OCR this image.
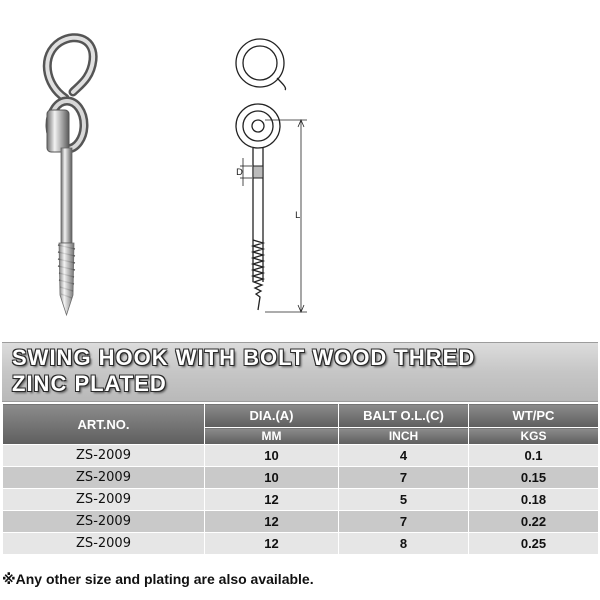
D
L
SWING HOOK WITH BOLT WOOD THRED
ZINC PLATED
ART.NO.	DIA.(A)	BALT O.L.(C)	WT/PC
	MM	INCH	KGS
ZS-2009	10	4	0.1
ZS-2009	10	7	0.15
ZS-2009	12	5	0.18
ZS-2009	12	7	0.22
ZS-2009	12	8	0.25
※Any other size and plating are also available.
